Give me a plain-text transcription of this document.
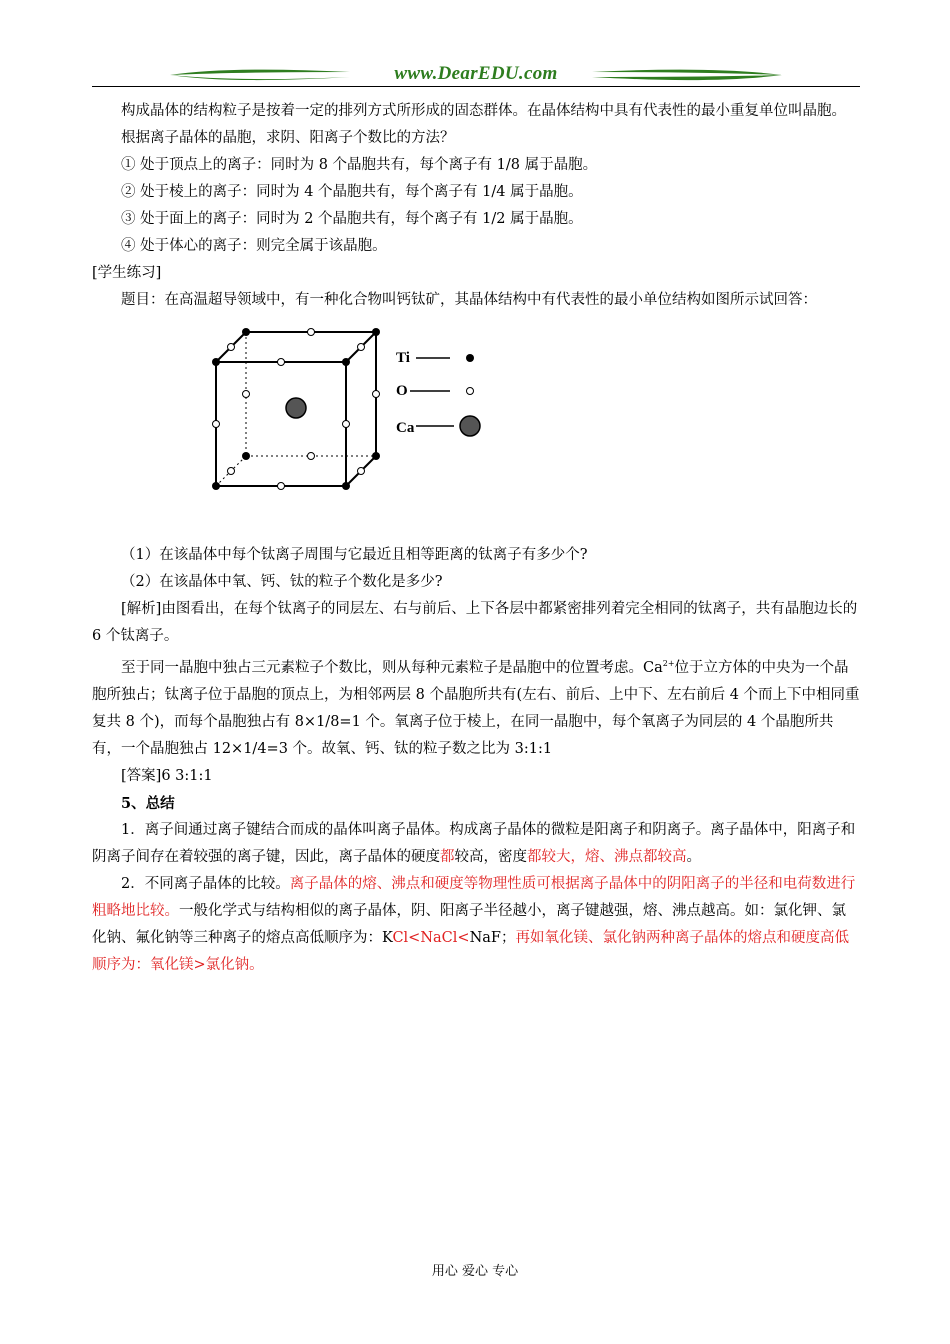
www.DearEDU.com

构成晶体的结构粒子是按着一定的排列方式所形成的固态群体。在晶体结构中具有代表性的最小重复单位叫晶胞。

根据离子晶体的晶胞，求阴、阳离子个数比的方法？

① 处于顶点上的离子：同时为 8 个晶胞共有，每个离子有 1/8 属于晶胞。

② 处于棱上的离子：同时为 4 个晶胞共有，每个离子有 1/4 属于晶胞。

③ 处于面上的离子：同时为 2 个晶胞共有，每个离子有 1/2 属于晶胞。

④ 处于体心的离子：则完全属于该晶胞。

[学生练习]

题目：在高温超导领域中，有一种化合物叫钙钛矿，其晶体结构中有代表性的最小单位结构如图所示试回答：

Ti
O
Ca

（1）在该晶体中每个钛离子周围与它最近且相等距离的钛离子有多少个?

（2）在该晶体中氧、钙、钛的粒子个数化是多少?

[解析]由图看出，在每个钛离子的同层左、右与前后、上下各层中都紧密排列着完全相同的钛离子，共有晶胞边长的 6 个钛离子。

至于同一晶胞中独占三元素粒子个数比，则从每种元素粒子是晶胞中的位置考虑。$Ca^{2+}$位于立方体的中央为一个晶胞所独占；钛离子位于晶胞的顶点上，为相邻两层 8 个晶胞所共有(左右、前后、上中下、左右前后 4 个而上下中相同重复共 8 个)，而每个晶胞独占有 8×1/8=1 个。氧离子位于棱上，在同一晶胞中，每个氧离子为同层的 4 个晶胞所共有，一个晶胞独占 12×1/4=3 个。故氧、钙、钛的粒子数之比为 3:1:1

[答案]6 3:1:1

5、总结

1．离子间通过离子键结合而成的晶体叫离子晶体。构成离子晶体的微粒是阳离子和阴离子。离子晶体中，阳离子和阴离子间存在着较强的离子键，因此，离子晶体的硬度都较高，密度都较大，熔、沸点都较高。

2．不同离子晶体的比较。离子晶体的熔、沸点和硬度等物理性质可根据离子晶体中的阴阳离子的半径和电荷数进行粗略地比较。一般化学式与结构相似的离子晶体，阴、阳离子半径越小，离子键越强，熔、沸点越高。如：氯化钾、氯化钠、氟化钠等三种离子的熔点高低顺序为：KCl<NaCl<NaF；再如氧化镁、氯化钠两种离子晶体的熔点和硬度高低顺序为：氧化镁>氯化钠。

用心 爱心 专心
